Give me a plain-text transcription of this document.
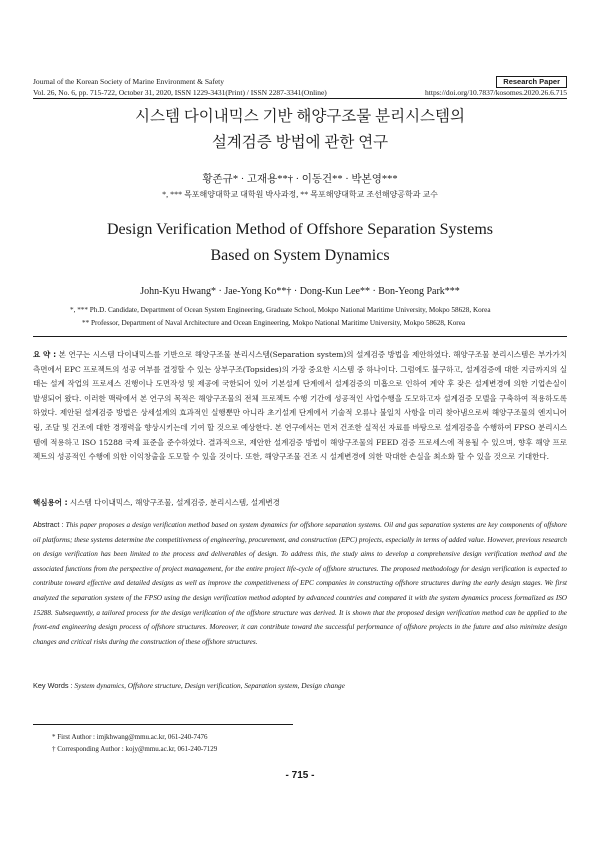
Journal of the Korean Society of Marine Environment & Safety	Research Paper
Vol. 26, No. 6, pp. 715-722, October 31, 2020, ISSN 1229-3431(Print) / ISSN 2287-3341(Online)	https://doi.org/10.7837/kosomes.2020.26.6.715
시스템 다이내믹스 기반 해양구조물 분리시스템의
설계검증 방법에 관한 연구
황존규* · 고재용**† · 이동건** · 박본영***
*, *** 목포해양대학교 대학원 박사과정, ** 목포해양대학교 조선해양공학과 교수
Design Verification Method of Offshore Separation Systems
Based on System Dynamics
John-Kyu Hwang* · Jae-Yong Ko**† · Dong-Kun Lee** · Bon-Yeong Park***
*, *** Ph.D. Candidate, Department of Ocean System Engineering, Graduate School, Mokpo National Maritime University, Mokpo 58628, Korea
** Professor, Department of Naval Architecture and Ocean Engineering, Mokpo National Maritime University, Mokpo 58628, Korea
요 약 : 본 연구는 시스템 다이내믹스를 기반으로 해양구조물 분리시스템(Separation system)의 설계검증 방법을 제안하였다. 해양구조물 분리시스템은 부가가치 측면에서 EPC 프로젝트의 성공 여부를 결정할 수 있는 상부구조(Topsides)의 가장 중요한 시스템 중 하나이다. 그럼에도 불구하고, 설계검증에 대한 지금까지의 실태는 설계 작업의 프로세스 진행이나 도면작성 및 제공에 국한되어 있어 기본설계 단계에서 설계검증의 미흡으로 인하여 계약 후 잦은 설계변경에 의한 기업손실이 발생되어 왔다. 이러한 맥락에서 본 연구의 목적은 해양구조물의 전체 프로젝트 수행 기간에 성공적인 사업수행을 도모하고자 설계검증 모델을 구축하여 적용하도록 하였다. 제안된 설계검증 방법은 상세설계의 효과적인 실행뿐만 아니라 초기설계 단계에서 기술적 오류나 불일치 사항을 미리 찾아냄으로써 해양구조물의 엔지니어링, 조달 및 건조에 대한 경쟁력을 향상시키는데 기여 할 것으로 예상한다. 본 연구에서는 먼저 건조한 실적선 자료를 바탕으로 설계검증을 수행하여 FPSO 분리시스템에 적용하고 ISO 15288 국제 표준을 준수하였다. 결과적으로, 제안한 설계검증 방법이 해양구조물의 FEED 검증 프로세스에 적용될 수 있으며, 향후 해양 프로젝트의 성공적인 수행에 의한 이익창출을 도모할 수 있을 것이다. 또한, 해양구조물 건조 시 설계변경에 의한 막대한 손실을 최소화 할 수 있을 것으로 기대한다.
핵심용어 : 시스템 다이내믹스, 해양구조물, 설계검증, 분리시스템, 설계변경
Abstract : This paper proposes a design verification method based on system dynamics for offshore separation systems. Oil and gas separation systems are key components of offshore oil platforms; these systems determine the competitiveness of engineering, procurement, and construction (EPC) projects, especially in terms of added value. However, previous research on design verification has been limited to the process and deliverables of design. To address this, the study aims to develop a comprehensive design verification method and the associated functions from the perspective of project management, for the entire project life-cycle of offshore structures. The proposed methodology for design verification is expected to contribute toward effective and detailed designs as well as improve the competitiveness of EPC companies in constructing offshore structures during the early design stages. We first analyzed the separation system of the FPSO using the design verification method adopted by advanced countries and compared it with the system dynamics process formalized as ISO 15288. Subsequently, a tailored process for the design verification of the offshore structure was derived. It is shown that the proposed design verification method can be applied to the front-end engineering design process of offshore structures. Moreover, it can contribute toward the successful performance of offshore projects in the future and also minimize design changes and critical risks during the construction of these offshore structures.
Key Words : System dynamics, Offshore structure, Design verification, Separation system, Design change
* First Author : imjkhwang@mmu.ac.kr, 061-240-7476
† Corresponding Author : kojy@mmu.ac.kr, 061-240-7129
- 715 -
